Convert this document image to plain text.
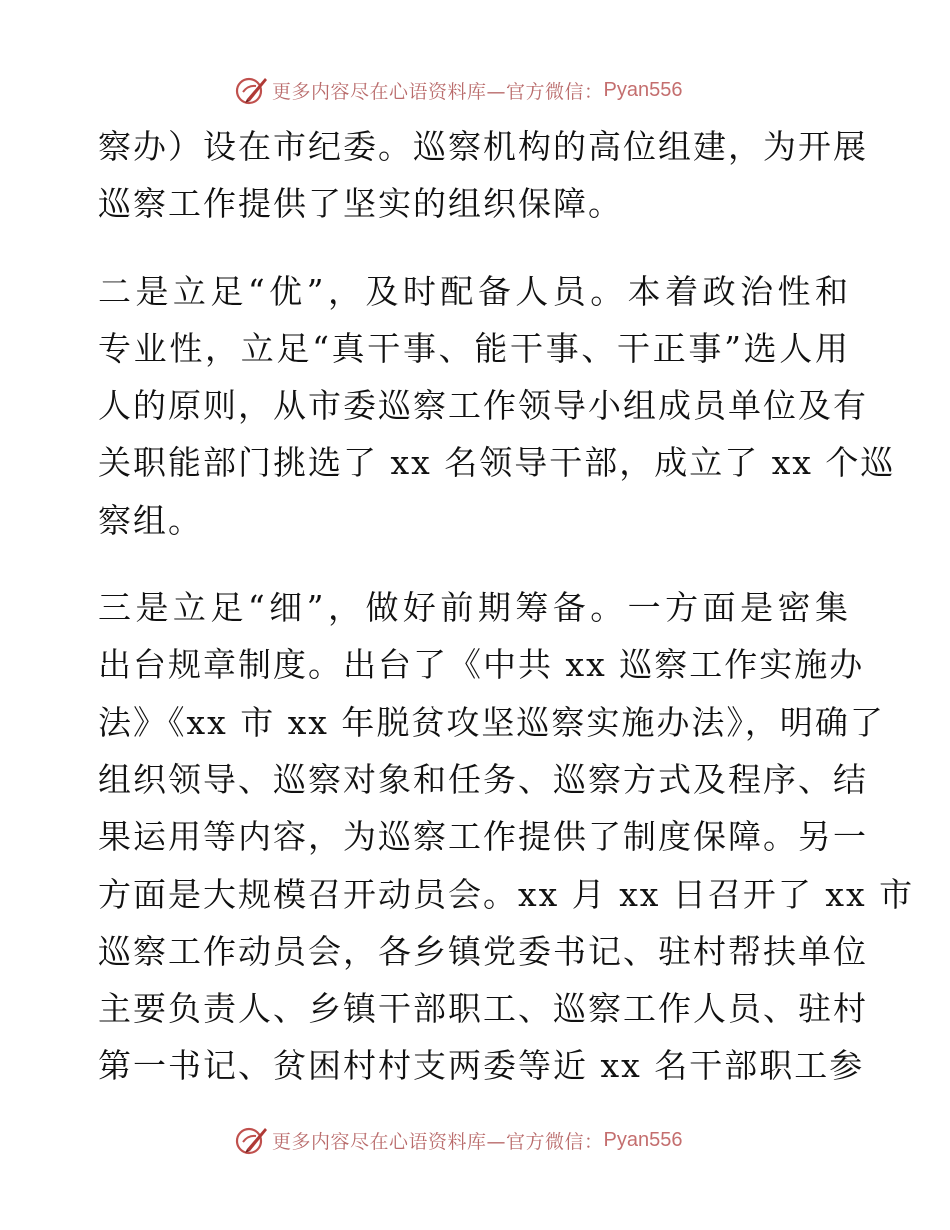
更多内容尽在心语资料库—官方微信： Pyan556
察办）设在市纪委。巡察机构的高位组建，为开展
巡察工作提供了坚实的组织保障。
二是立足“优”，及时配备人员。本着政治性和
专业性，立足“真干事、能干事、干正事”选人用
人的原则，从市委巡察工作领导小组成员单位及有
关职能部门挑选了 xx 名领导干部，成立了 xx 个巡
察组。
三是立足“细”，做好前期筹备。一方面是密集
出台规章制度。出台了《中共 xx 巡察工作实施办
法》《xx 市 xx 年脱贫攻坚巡察实施办法》，明确了
组织领导、巡察对象和任务、巡察方式及程序、结
果运用等内容，为巡察工作提供了制度保障。另一
方面是大规模召开动员会。xx 月 xx 日召开了 xx 市
巡察工作动员会，各乡镇党委书记、驻村帮扶单位
主要负责人、乡镇干部职工、巡察工作人员、驻村
第一书记、贫困村村支两委等近 xx 名干部职工参
更多内容尽在心语资料库—官方微信： Pyan556
